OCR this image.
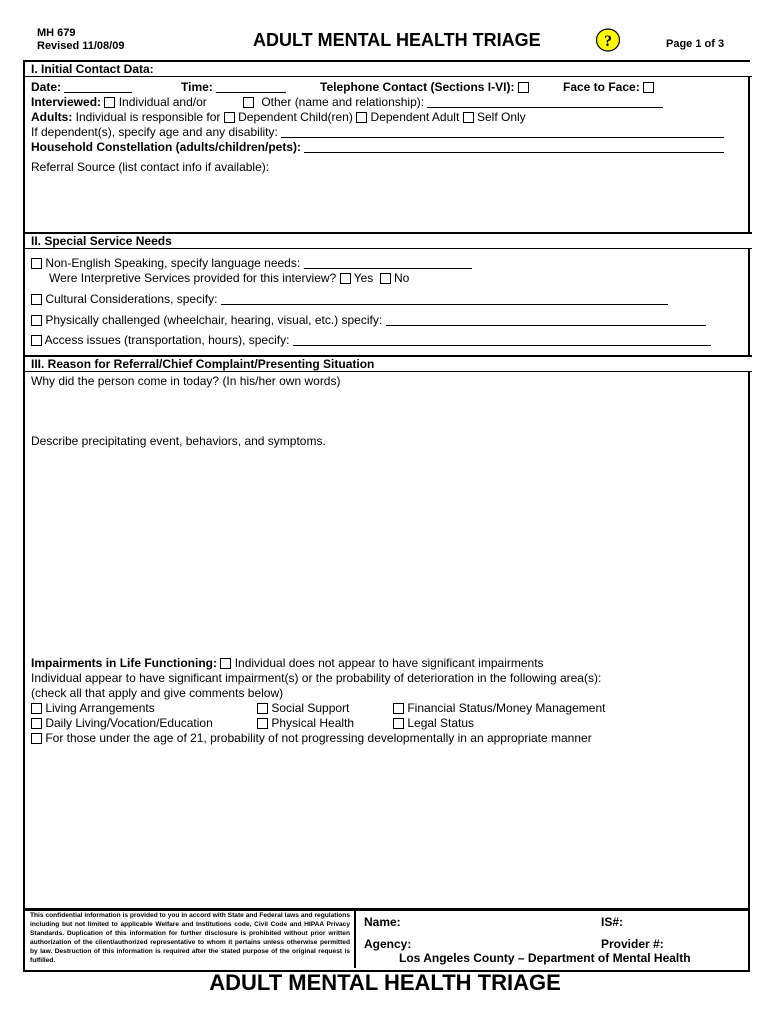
MH 679
Revised 11/08/09	ADULT MENTAL HEALTH TRIAGE	?	Page 1 of 3
I. Initial Contact Data:
Date:	Time:	Telephone Contact (Sections I-VI):	Face to Face:
Interviewed: Individual and/or	Other (name and relationship):
Adults: Individual is responsible for Dependent Child(ren) Dependent Adult Self Only
If dependent(s), specify age and any disability:
Household Constellation (adults/children/pets):
Referral Source (list contact info if available):
II. Special Service Needs
Non-English Speaking, specify language needs:
Were Interpretive Services provided for this interview? Yes No
Cultural Considerations, specify:
Physically challenged (wheelchair, hearing, visual, etc.) specify:
Access issues (transportation, hours), specify:
III. Reason for Referral/Chief Complaint/Presenting Situation
Why did the person come in today? (In his/her own words)
Describe precipitating event, behaviors, and symptoms.
Impairments in Life Functioning: Individual does not appear to have significant impairments
Individual appear to have significant impairment(s) or the probability of deterioration in the following area(s):
(check all that apply and give comments below)
Living Arrangements	Social Support	Financial Status/Money Management
Daily Living/Vocation/Education	Physical Health	Legal Status
For those under the age of 21, probability of not progressing developmentally in an appropriate manner
This confidential information is provided to you in accord with State and Federal laws and regulations including but not limited to applicable Welfare and Institutions code, Civil Code and HIPAA Privacy Standards. Duplication of this information for further disclosure is prohibited without prior written authorization of the client/authorized representative to whom it pertains unless otherwise permitted by law. Destruction of this information is required after the stated purpose of the original request is fulfilled.
Name:	IS#:
Agency:	Provider #:
Los Angeles County – Department of Mental Health
ADULT MENTAL HEALTH TRIAGE
